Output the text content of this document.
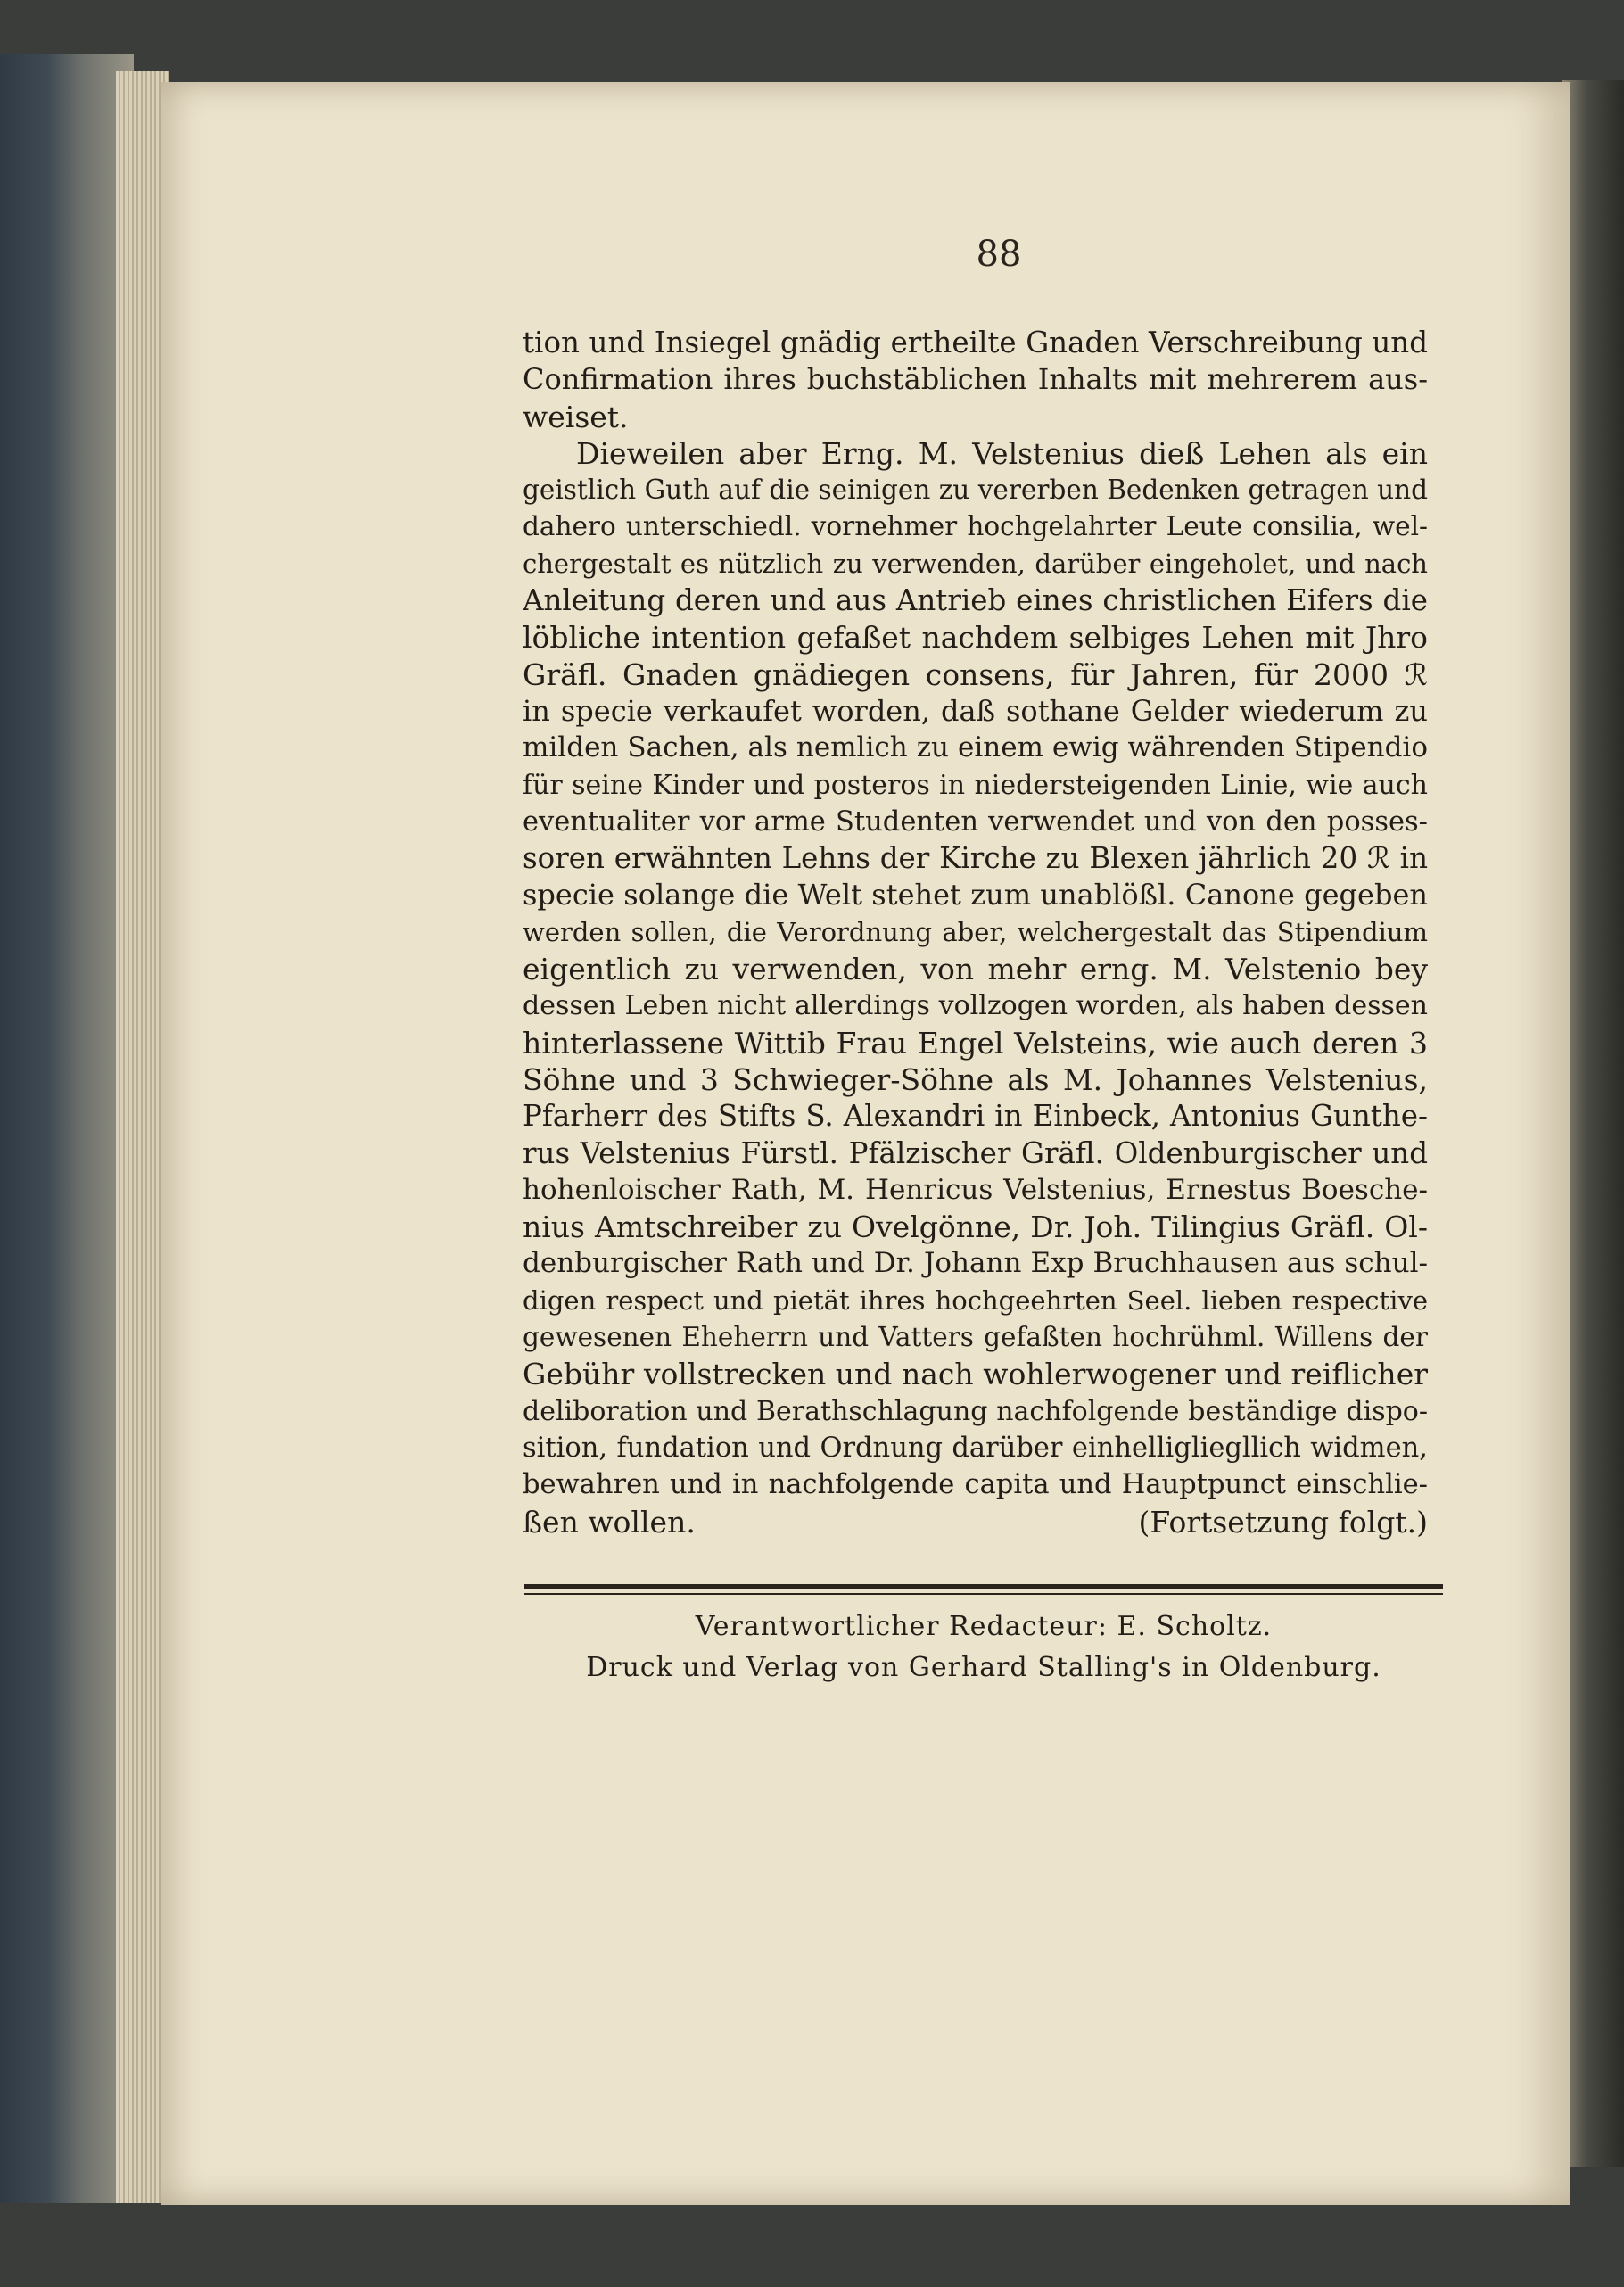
88
tion und Insiegel gnädig ertheilte Gnaden Verschreibung und
Confirmation ihres buchstäblichen Inhalts mit mehrerem aus-
weiset.
Dieweilen aber Erng. M. Velstenius dieß Lehen als ein
geistlich Guth auf die seinigen zu vererben Bedenken getragen und
dahero unterschiedl. vornehmer hochgelahrter Leute consilia, wel-
chergestalt es nützlich zu verwenden, darüber eingeholet, und nach
Anleitung deren und aus Antrieb eines christlichen Eifers die
löbliche intention gefaßet nachdem selbiges Lehen mit Jhro
Gräfl. Gnaden gnädiegen consens, für Jahren, für 2000 ℛ
in specie verkaufet worden, daß sothane Gelder wiederum zu
milden Sachen, als nemlich zu einem ewig währenden Stipendio
für seine Kinder und posteros in niedersteigenden Linie, wie auch
eventualiter vor arme Studenten verwendet und von den posses-
soren erwähnten Lehns der Kirche zu Blexen jährlich 20 ℛ in
specie solange die Welt stehet zum unablößl. Canone gegeben
werden sollen, die Verordnung aber, welchergestalt das Stipendium
eigentlich zu verwenden, von mehr erng. M. Velstenio bey
dessen Leben nicht allerdings vollzogen worden, als haben dessen
hinterlassene Wittib Frau Engel Velsteins, wie auch deren 3
Söhne und 3 Schwieger-Söhne als M. Johannes Velstenius,
Pfarherr des Stifts S. Alexandri in Einbeck, Antonius Gunthe-
rus Velstenius Fürstl. Pfälzischer Gräfl. Oldenburgischer und
hohenloischer Rath, M. Henricus Velstenius, Ernestus Boesche-
nius Amtschreiber zu Ovelgönne, Dr. Joh. Tilingius Gräfl. Ol-
denburgischer Rath und Dr. Johann Exp Bruchhausen aus schul-
digen respect und pietät ihres hochgeehrten Seel. lieben respective
gewesenen Eheherrn und Vatters gefaßten hochrühml. Willens der
Gebühr vollstrecken und nach wohlerwogener und reiflicher
deliboration und Berathschlagung nachfolgende beständige dispo-
sition, fundation und Ordnung darüber einhelligliegllich widmen,
bewahren und in nachfolgende capita und Hauptpunct einschlie-
ßen wollen.	(Fortsetzung folgt.)
Verantwortlicher Redacteur: E. Scholtz.
Druck und Verlag von Gerhard Stalling's in Oldenburg.
